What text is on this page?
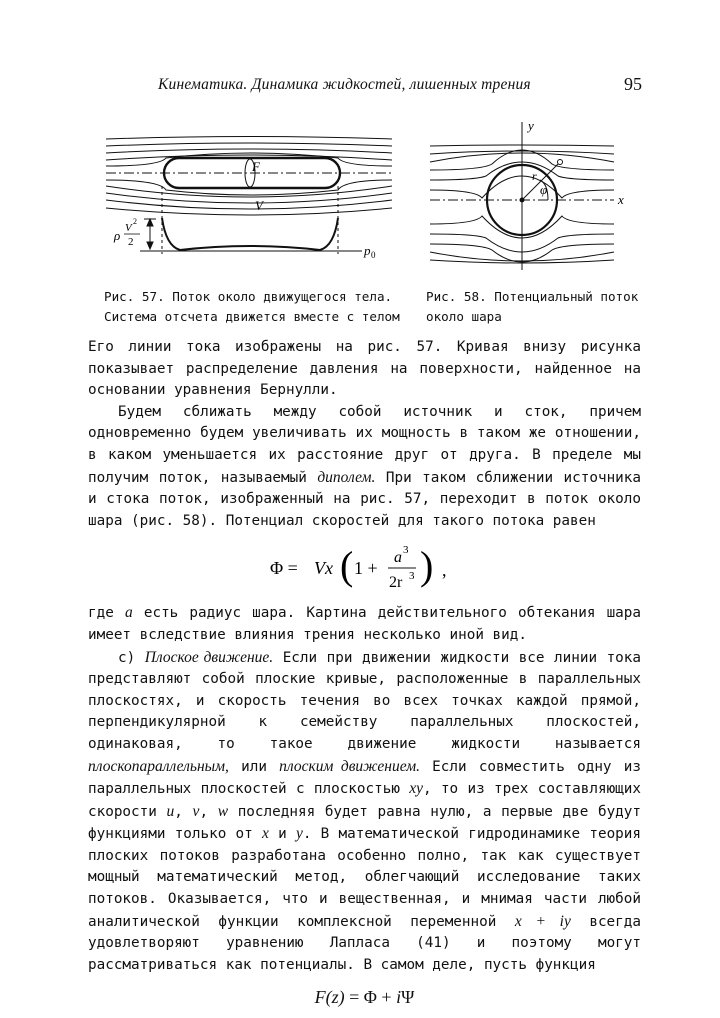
Кинематика. Динамика жидкостей, лишенных трения	95
F
V
ρ V
2
2
p 0
y
x
r
φ
Рис. 57. Поток около движущегося тела. Система отсчета движется вместе с телом
Рис. 58. Потенциальный поток около шара

Его линии тока изображены на рис. 57. Кривая внизу рисунка показывает распределение давления на поверхности, найденное на основании уравнения Бернулли.

Будем сближать между собой источник и сток, причем одновременно будем увеличивать их мощность в таком же отношении, в каком уменьшается их расстояние друг от друга. В пределе мы получим поток, называемый диполем. При таком сближении источника и стока поток, изображенный на рис. 57, переходит в поток около шара (рис. 58). Потенциал скоростей для такого потока равен

Φ = Vx ( 1 +
a 3
2r 3 ) ,

где a есть радиус шара. Картина действительного обтекания шара имеет вследствие влияния трения несколько иной вид.

с) Плоское движение. Если при движении жидкости все линии тока представляют собой плоские кривые, расположенные в параллельных плоскостях, и скорость течения во всех точках каждой прямой, перпендикулярной к семейству параллельных плоскостей, одинаковая, то такое движение жидкости называется плоскопараллельным, или плоским движением. Если совместить одну из параллельных плоскостей с плоскостью xy, то из трех составляющих скорости u, v, w последняя будет равна нулю, а первые две будут функциями только от x и y. В математической гидродинамике теория плоских потоков разработана особенно полно, так как существует мощный математический метод, облегчающий исследование таких потоков. Оказывается, что и вещественная, и мнимая части любой аналитической функции комплексной переменной x + iy всегда удовлетворяют уравнению Лапласа (41) и поэтому могут рассматриваться как потенциалы. В самом деле, пусть функция

F(z) = Φ + iΨ
